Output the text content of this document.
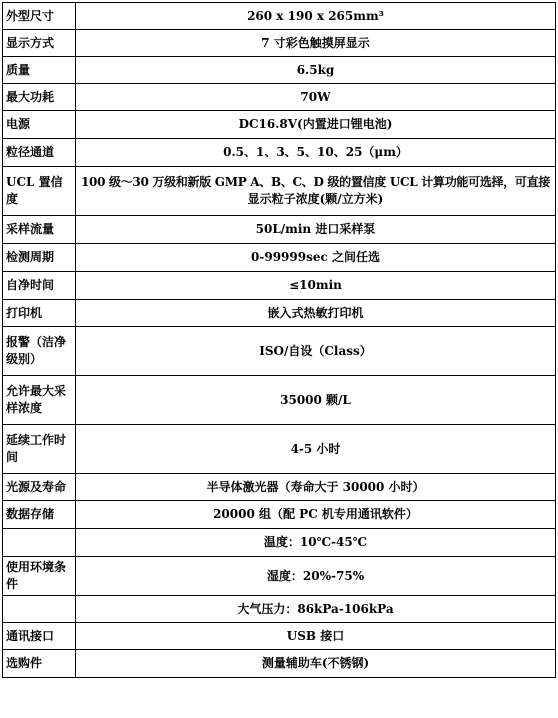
外型尺寸	260 x 190 x 265mm³
显示方式	7 寸彩色触摸屏显示
质量	6.5kg
最大功耗	70W
电源	DC16.8V(内置进口锂电池)
粒径通道	0.5、1、3、5、10、25（μm）
UCL 置信度	100 级～30 万级和新版 GMP A、B、C、D 级的置信度 UCL 计算功能可选择，可直接
显示粒子浓度(颗/立方米)

采样流量	50L/min 进口采样泵
检测周期	0-99999sec 之间任选
自净时间	≤10min
打印机	嵌入式热敏打印机
报警（洁净级别）	ISO/自设（Class）
允许最大采样浓度	35000 颗/L
延续工作时间	4-5 小时
光源及寿命	半导体激光器（寿命大于 30000 小时）
数据存储	20000 组（配 PC 机专用通讯软件）
	温度：10℃-45℃
使用环境条件	湿度：20%-75%
	大气压力：86kPa-106kPa
通讯接口	USB 接口
选购件	测量辅助车(不锈钢)
